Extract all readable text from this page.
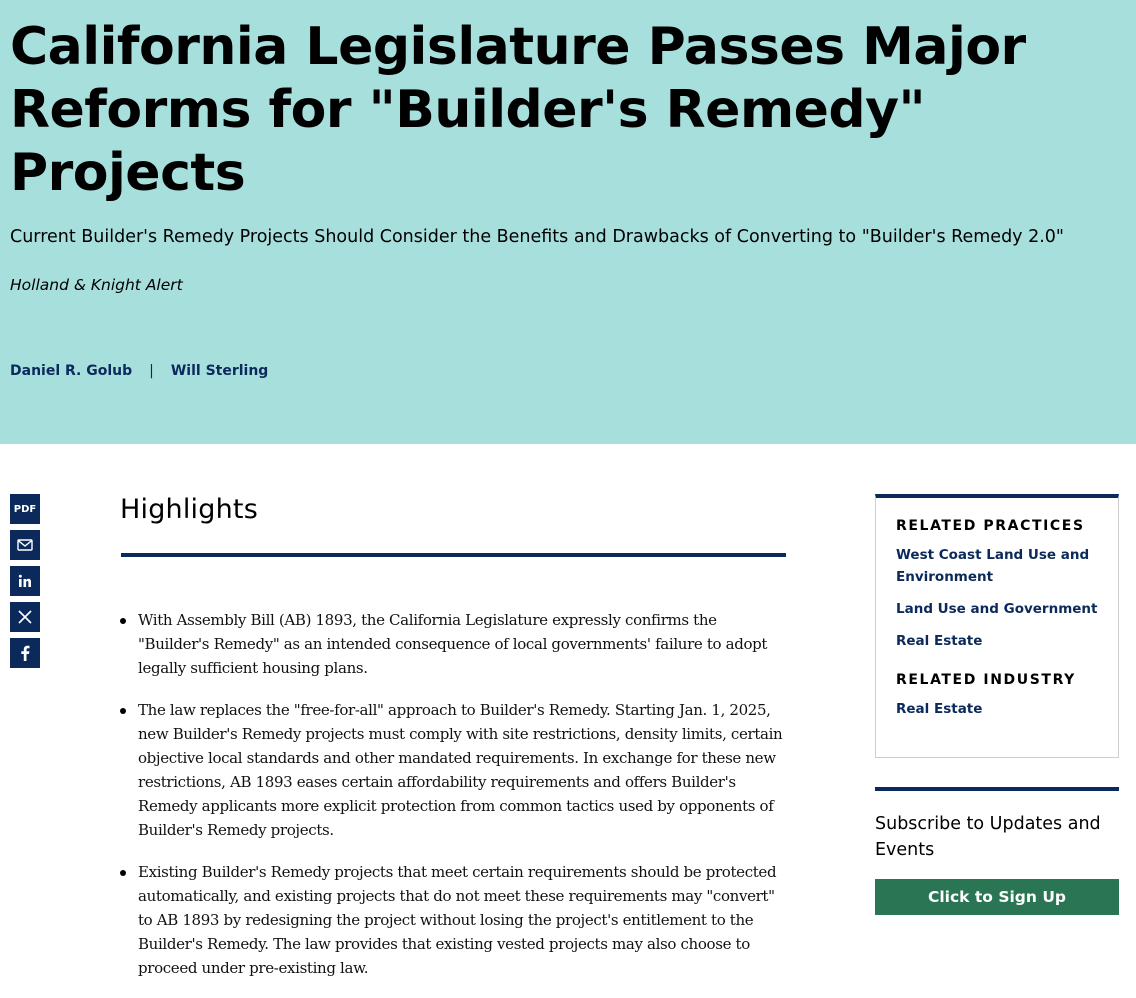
California Legislature Passes Major Reforms for "Builder's Remedy" Projects
Current Builder's Remedy Projects Should Consider the Benefits and Drawbacks of Converting to "Builder's Remedy 2.0"
Holland & Knight Alert
Daniel R. Golub | Will Sterling
PDF	Highlights
With Assembly Bill (AB) 1893, the California Legislature expressly confirms the "Builder's Remedy" as an intended consequence of local governments' failure to adopt legally sufficient housing plans.
The law replaces the "free-for-all" approach to Builder's Remedy. Starting Jan. 1, 2025, new Builder's Remedy projects must comply with site restrictions, density limits, certain objective local standards and other mandated requirements. In exchange for these new restrictions, AB 1893 eases certain affordability requirements and offers Builder's Remedy applicants more explicit protection from common tactics used by opponents of Builder's Remedy projects.
Existing Builder's Remedy projects that meet certain requirements should be protected automatically, and existing projects that do not meet these requirements may "convert" to AB 1893 by redesigning the project without losing the project's entitlement to the Builder's Remedy. The law provides that existing vested projects may also choose to proceed under pre-existing law.
RELATED PRACTICES
West Coast Land Use and Environment
Land Use and Government
Real Estate
RELATED INDUSTRY
Real Estate
Subscribe to Updates and Events
Click to Sign Up
